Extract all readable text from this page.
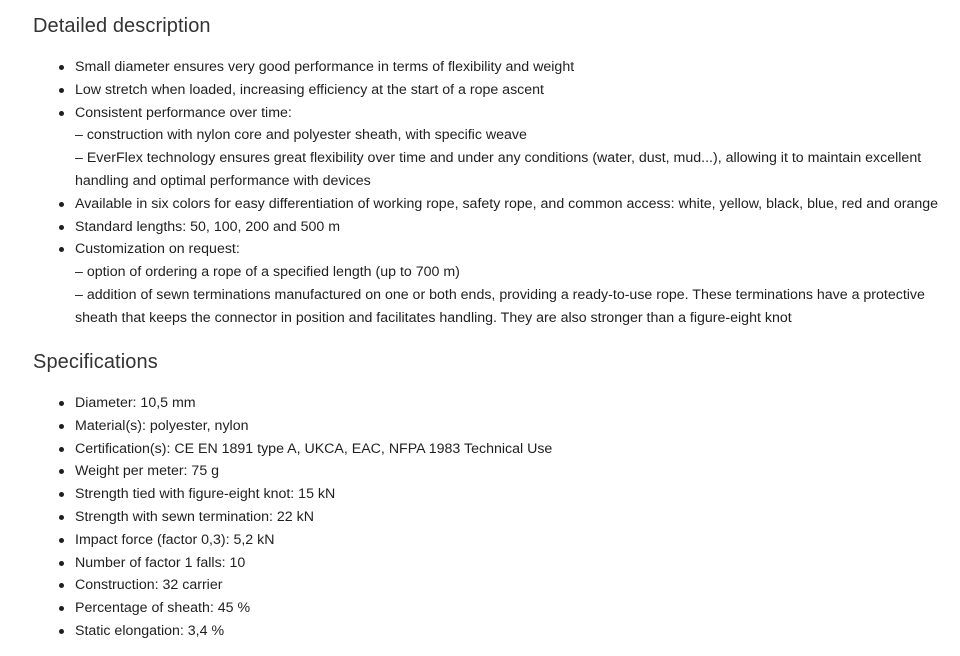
Detailed description
Small diameter ensures very good performance in terms of flexibility and weight
Low stretch when loaded, increasing efficiency at the start of a rope ascent
Consistent performance over time:
– construction with nylon core and polyester sheath, with specific weave
– EverFlex technology ensures great flexibility over time and under any conditions (water, dust, mud...), allowing it to maintain excellent handling and optimal performance with devices
Available in six colors for easy differentiation of working rope, safety rope, and common access: white, yellow, black, blue, red and orange
Standard lengths: 50, 100, 200 and 500 m
Customization on request:
– option of ordering a rope of a specified length (up to 700 m)
– addition of sewn terminations manufactured on one or both ends, providing a ready-to-use rope. These terminations have a protective sheath that keeps the connector in position and facilitates handling. They are also stronger than a figure-eight knot
Specifications
Diameter: 10,5 mm
Material(s): polyester, nylon
Certification(s): CE EN 1891 type A, UKCA, EAC, NFPA 1983 Technical Use
Weight per meter: 75 g
Strength tied with figure-eight knot: 15 kN
Strength with sewn termination: 22 kN
Impact force (factor 0,3): 5,2 kN
Number of factor 1 falls: 10
Construction: 32 carrier
Percentage of sheath: 45 %
Static elongation: 3,4 %
